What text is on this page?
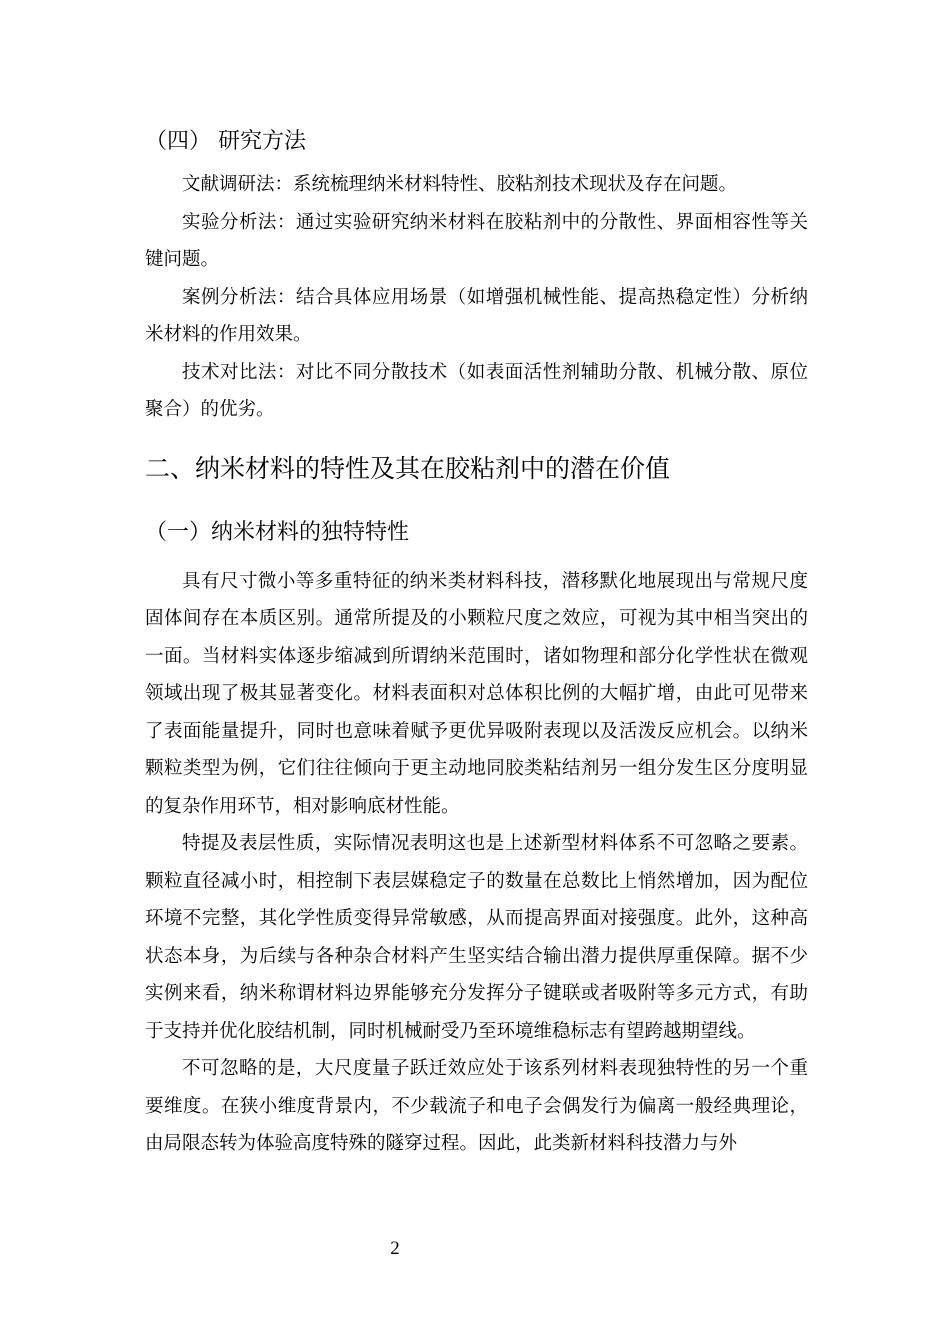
（四） 研究方法

文献调研法：系统梳理纳米材料特性、胶粘剂技术现状及存在问题。

实验分析法：通过实验研究纳米材料在胶粘剂中的分散性、界面相容性等关键问题。

案例分析法：结合具体应用场景（如增强机械性能、提高热稳定性）分析纳米材料的作用效果。

技术对比法：对比不同分散技术（如表面活性剂辅助分散、机械分散、原位聚合）的优劣。

二、纳米材料的特性及其在胶粘剂中的潜在价值
（一）纳米材料的独特特性

具有尺寸微小等多重特征的纳米类材料科技，潜移默化地展现出与常规尺度固体间存在本质区别。通常所提及的小颗粒尺度之效应，可视为其中相当突出的一面。当材料实体逐步缩减到所谓纳米范围时，诸如物理和部分化学性状在微观领域出现了极其显著变化。材料表面积对总体积比例的大幅扩增，由此可见带来了表面能量提升，同时也意味着赋予更优异吸附表现以及活泼反应机会。以纳米颗粒类型为例，它们往往倾向于更主动地同胶类粘结剂另一组分发生区分度明显的复杂作用环节，相对影响底材性能。

特提及表层性质，实际情况表明这也是上述新型材料体系不可忽略之要素。颗粒直径减小时，相控制下表层媒稳定子的数量在总数比上悄然增加，因为配位环境不完整，其化学性质变得异常敏感，从而提高界面对接强度。此外，这种高状态本身，为后续与各种杂合材料产生坚实结合输出潜力提供厚重保障。据不少实例来看，纳米称谓材料边界能够充分发挥分子键联或者吸附等多元方式，有助于支持并优化胶结机制，同时机械耐受乃至环境维稳标志有望跨越期望线。

不可忽略的是，大尺度量子跃迁效应处于该系列材料表现独特性的另一个重要维度。在狭小维度背景内，不少载流子和电子会偶发行为偏离一般经典理论，由局限态转为体验高度特殊的隧穿过程。因此，此类新材料科技潜力与外

2
